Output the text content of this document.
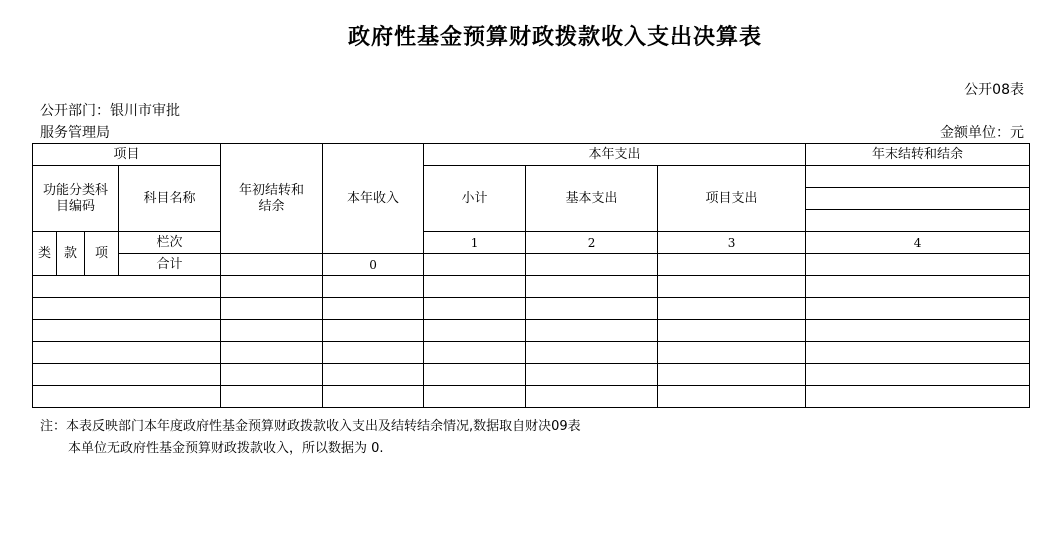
政府性基金预算财政拨款收入支出决算表
公开08表
公开部门：银川市审批
服务管理局	金额单位：元
项目				年初结转和结余	本年收入	本年支出			年末结转和结余	
功能分类科目编码			科目名称			小计	基本支出	项目支出		

类	款	项	栏次			1	2	3	4		
			合计		0					

注：本表反映部门本年度政府性基金预算财政拨款收入支出及结转结余情况,数据取自财决09表
本单位无政府性基金预算财政拨款收入，所以数据为 0.
